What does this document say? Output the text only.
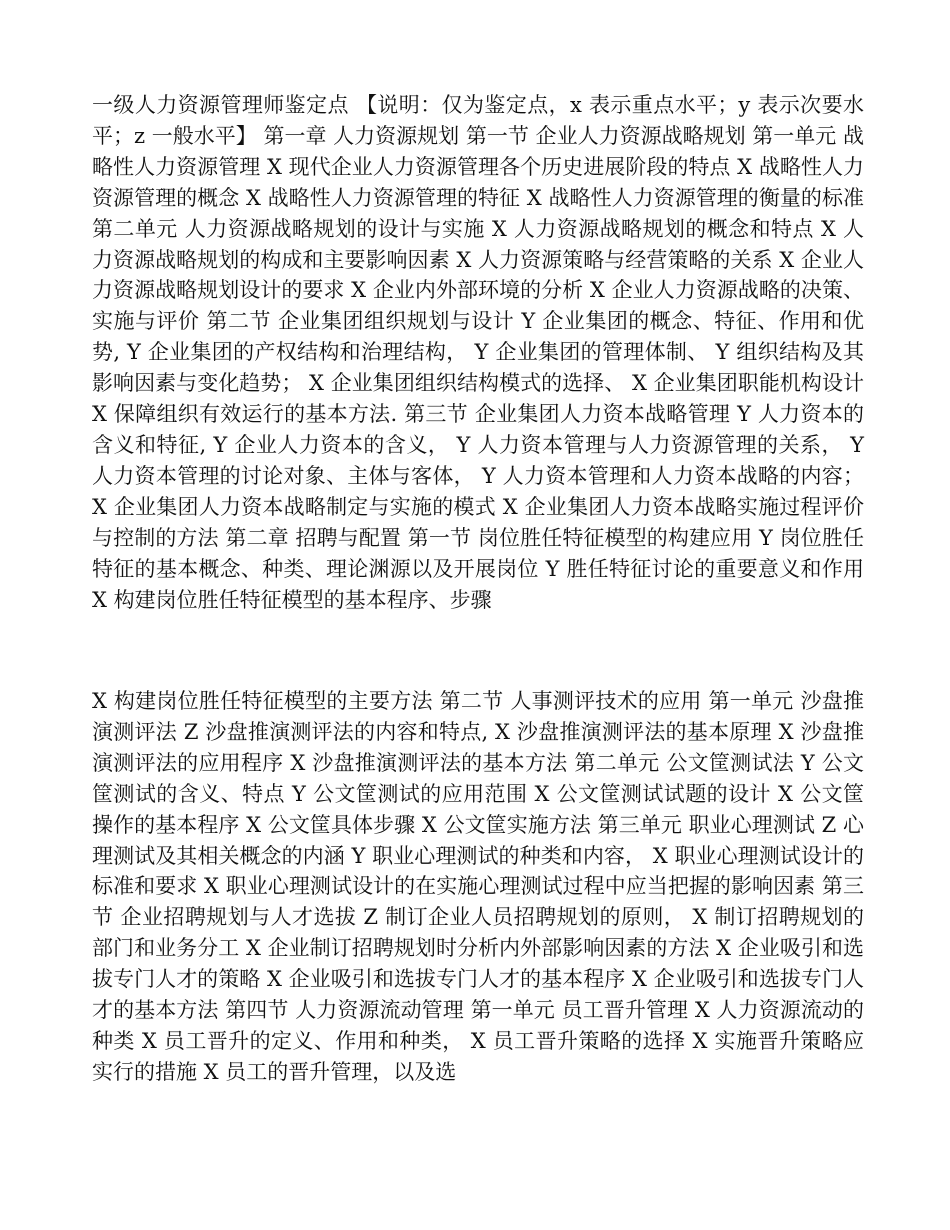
一级人力资源管理师鉴定点 【说明：仅为鉴定点，x 表示重点水平；y 表示次要水平；z 一般水平】 第一章 人力资源规划 第一节 企业人力资源战略规划 第一单元 战略性人力资源管理 X 现代企业人力资源管理各个历史进展阶段的特点 X 战略性人力资源管理的概念 X 战略性人力资源管理的特征 X 战略性人力资源管理的衡量的标准 第二单元 人力资源战略规划的设计与实施 X 人力资源战略规划的概念和特点 X 人力资源战略规划的构成和主要影响因素 X 人力资源策略与经营策略的关系 X 企业人力资源战略规划设计的要求 X 企业内外部环境的分析 X 企业人力资源战略的决策、实施与评价 第二节 企业集团组织规划与设计 Y 企业集团的概念、特征、作用和优势, Y 企业集团的产权结构和治理结构， Y 企业集团的管理体制、 Y 组织结构及其影响因素与变化趋势； X 企业集团组织结构模式的选择、 X 企业集团职能机构设计 X 保障组织有效运行的基本方法. 第三节 企业集团人力资本战略管理 Y 人力资本的含义和特征, Y 企业人力资本的含义， Y 人力资本管理与人力资源管理的关系， Y 人力资本管理的讨论对象、主体与客体， Y 人力资本管理和人力资本战略的内容； X 企业集团人力资本战略制定与实施的模式 X 企业集团人力资本战略实施过程评价与控制的方法 第二章 招聘与配置 第一节 岗位胜任特征模型的构建应用 Y 岗位胜任特征的基本概念、种类、理论渊源以及开展岗位 Y 胜任特征讨论的重要意义和作用 X 构建岗位胜任特征模型的基本程序、步骤

X 构建岗位胜任特征模型的主要方法 第二节 人事测评技术的应用 第一单元 沙盘推演测评法 Z 沙盘推演测评法的内容和特点, X 沙盘推演测评法的基本原理 X 沙盘推演测评法的应用程序 X 沙盘推演测评法的基本方法 第二单元 公文筐测试法 Y 公文筐测试的含义、特点 Y 公文筐测试的应用范围 X 公文筐测试试题的设计 X 公文筐操作的基本程序 X 公文筐具体步骤 X 公文筐实施方法 第三单元 职业心理测试 Z 心理测试及其相关概念的内涵 Y 职业心理测试的种类和内容， X 职业心理测试设计的标准和要求 X 职业心理测试设计的在实施心理测试过程中应当把握的影响因素 第三节 企业招聘规划与人才选拔 Z 制订企业人员招聘规划的原则， X 制订招聘规划的部门和业务分工 X 企业制订招聘规划时分析内外部影响因素的方法 X 企业吸引和选拔专门人才的策略 X 企业吸引和选拔专门人才的基本程序 X 企业吸引和选拔专门人才的基本方法 第四节 人力资源流动管理 第一单元 员工晋升管理 X 人力资源流动的种类 X 员工晋升的定义、作用和种类， X 员工晋升策略的选择 X 实施晋升策略应实行的措施 X 员工的晋升管理，以及选
